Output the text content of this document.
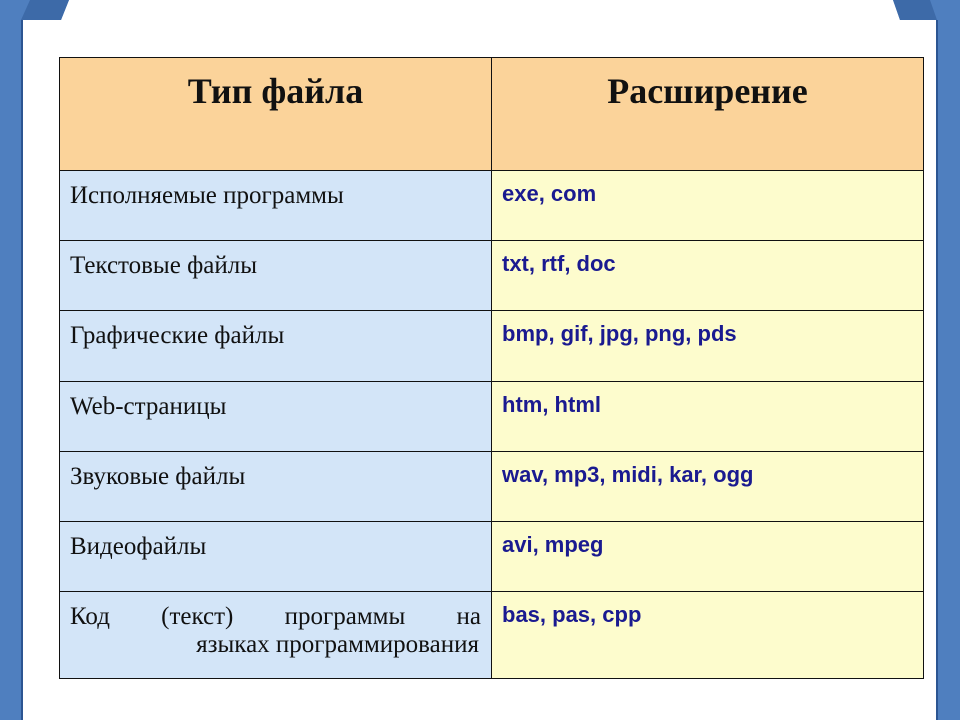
Тип файла	Расширение
Исполняемые программы	exe, com
Текстовые файлы	txt, rtf, doc
Графические файлы	bmp, gif, jpg, png, pds
Web-страницы	htm, html
Звуковые файлы	wav, mp3, midi, kar, ogg
Видеофайлы	avi, mpeg

Код (текст) программы на
языках программирования	bas, pas, cpp
